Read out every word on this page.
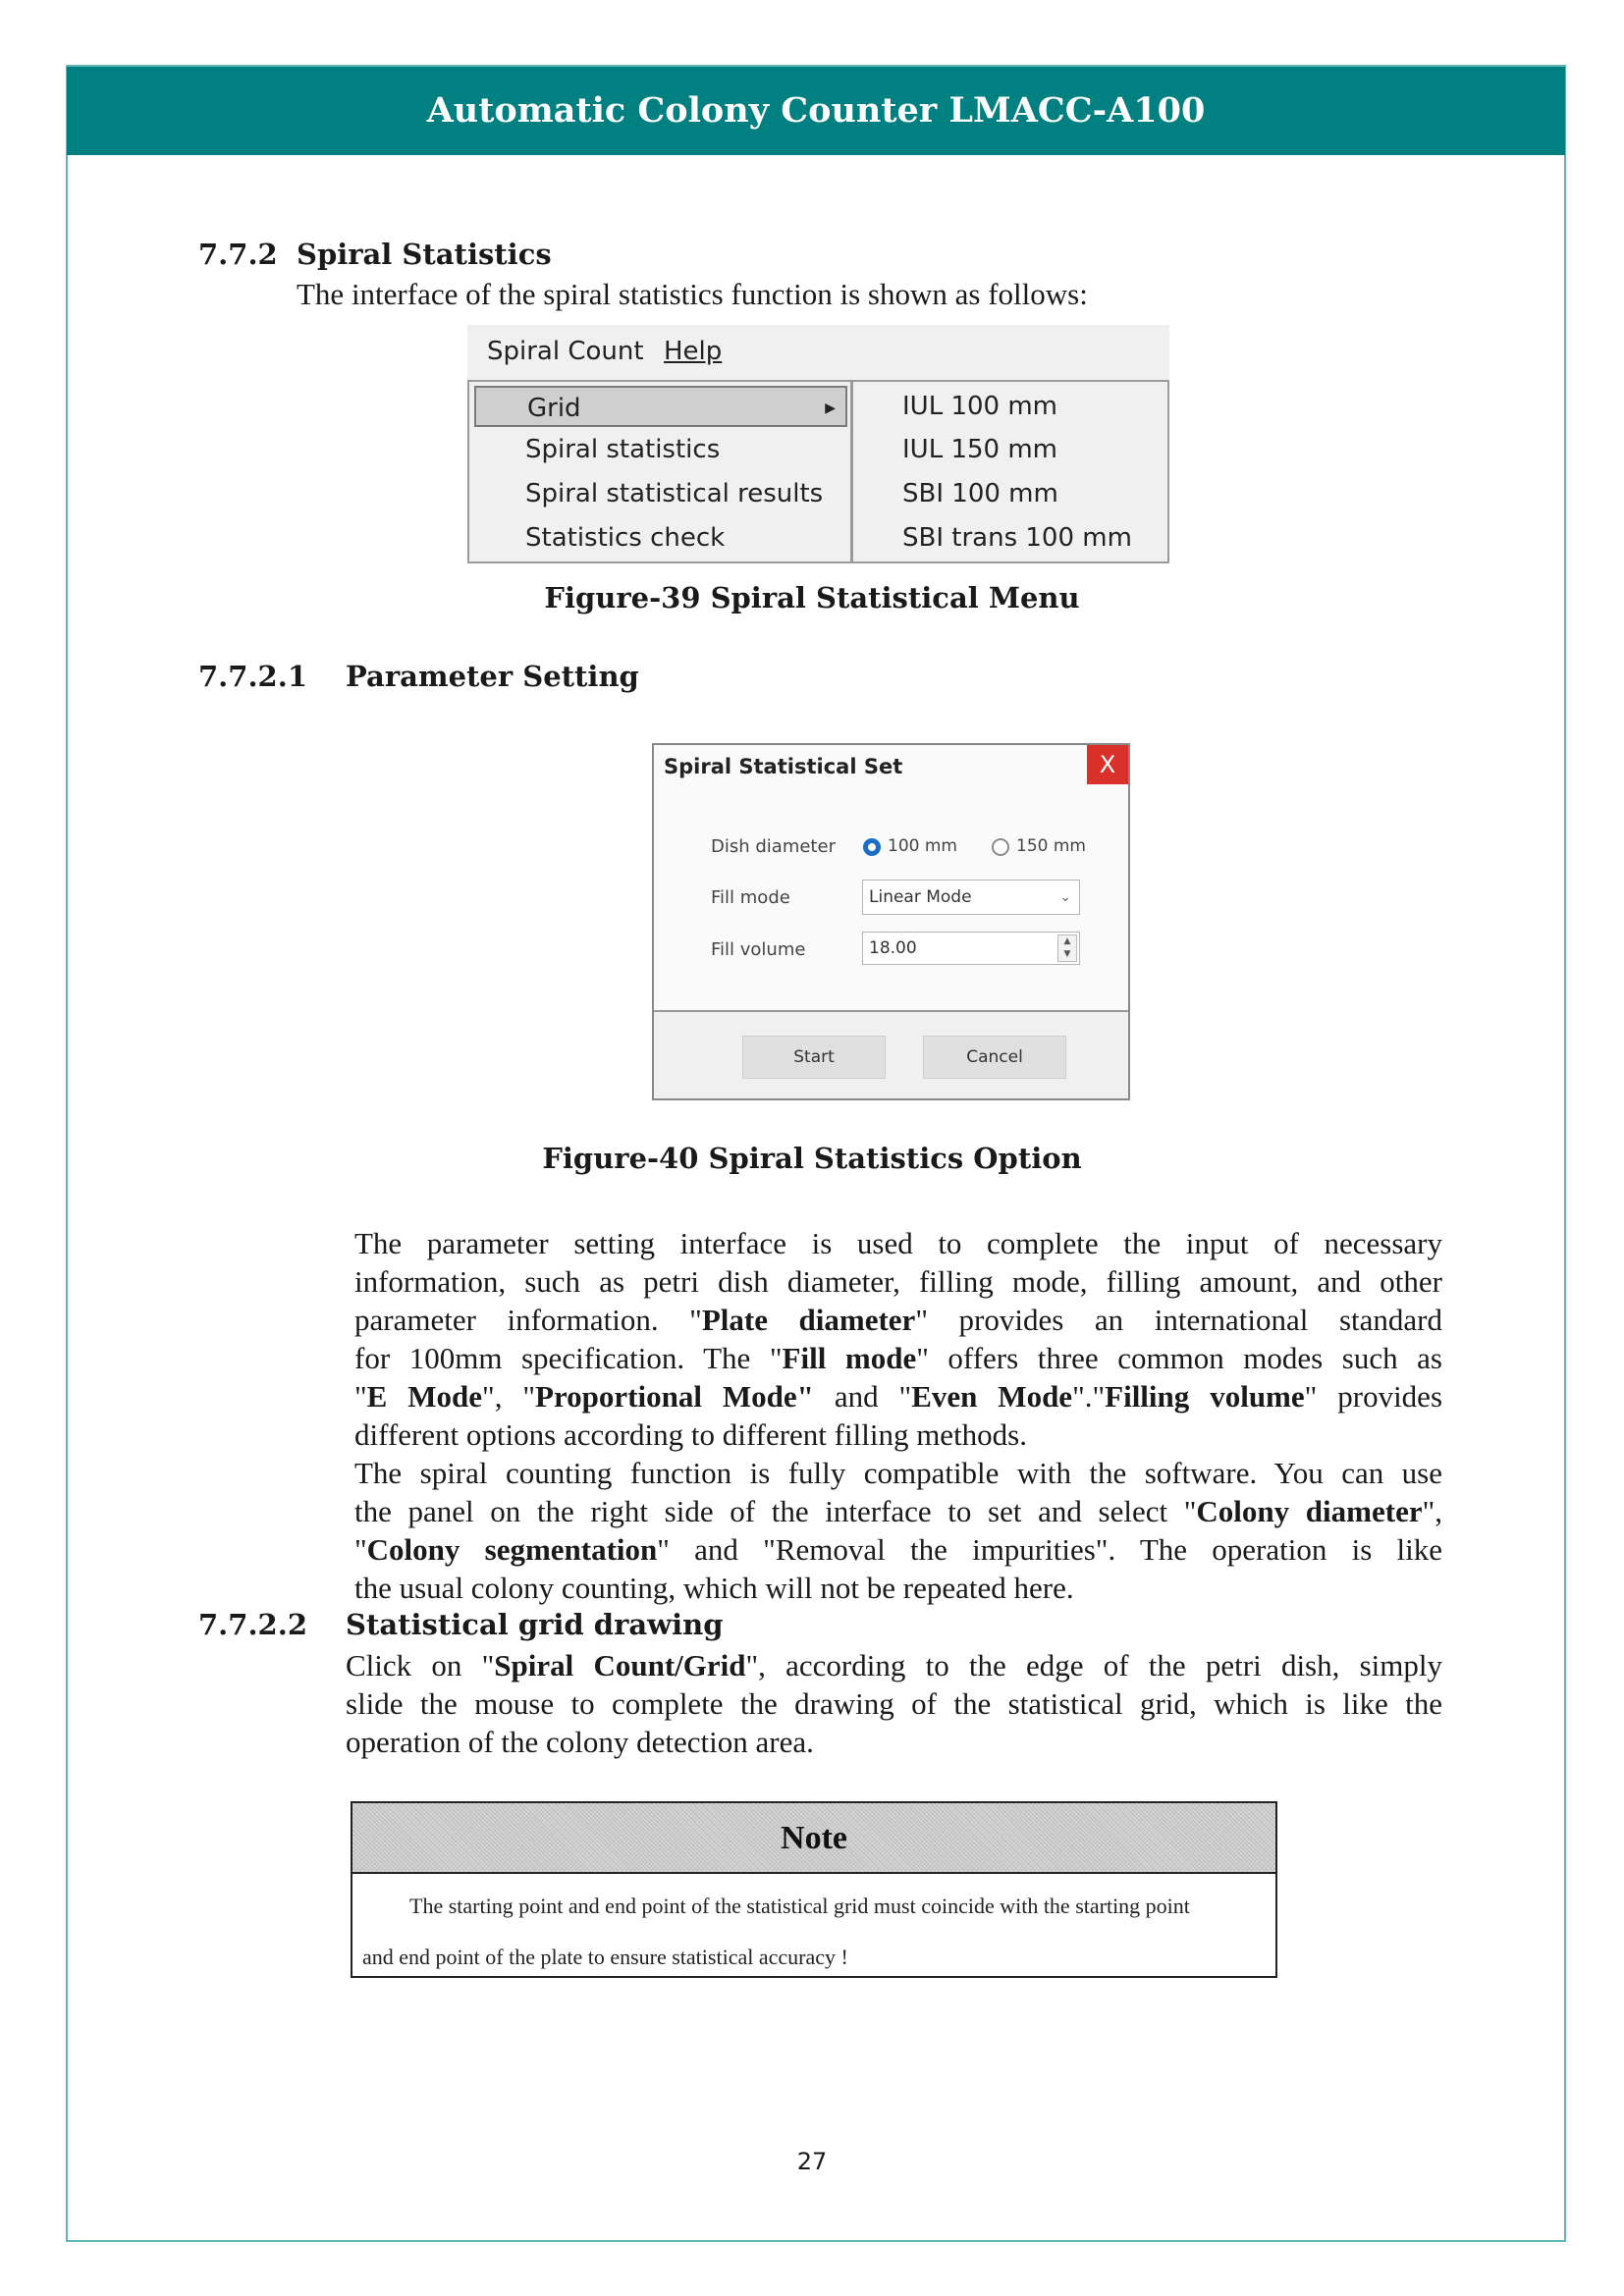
Automatic Colony Counter LMACC-A100
7.7.2 Spiral Statistics
The interface of the spiral statistics function is shown as follows:
Spiral Count Help
Grid	▶
Spiral statistics
Spiral statistical results
Statistics check
IUL 100 mm
IUL 150 mm
SBI 100 mm
SBI trans 100 mm
Figure-39 Spiral Statistical Menu
7.7.2.1 Parameter Setting
Spiral Statistical Set	X
Dish diameter	100 mm	150 mm
Fill mode	Linear Mode	⌄
Fill volume	18.00	▲
▼
Start	Cancel
Figure-40 Spiral Statistics Option
The parameter setting interface is used to complete the input of necessary
information, such as petri dish diameter, filling mode, filling amount, and other
parameter information. "Plate diameter" provides an international standard
for 100mm specification. The "Fill mode" offers three common modes such as
"E Mode", "Proportional Mode" and "Even Mode"."Filling volume" provides
different options according to different filling methods.
The spiral counting function is fully compatible with the software. You can use
the panel on the right side of the interface to set and select "Colony diameter",
"Colony segmentation" and "Removal the impurities". The operation is like
the usual colony counting, which will not be repeated here.
7.7.2.2 Statistical grid drawing
Click on "Spiral Count/Grid", according to the edge of the petri dish, simply
slide the mouse to complete the drawing of the statistical grid, which is like the
operation of the colony detection area.
Note
The starting point and end point of the statistical grid must coincide with the starting point
and end point of the plate to ensure statistical accuracy !
27
